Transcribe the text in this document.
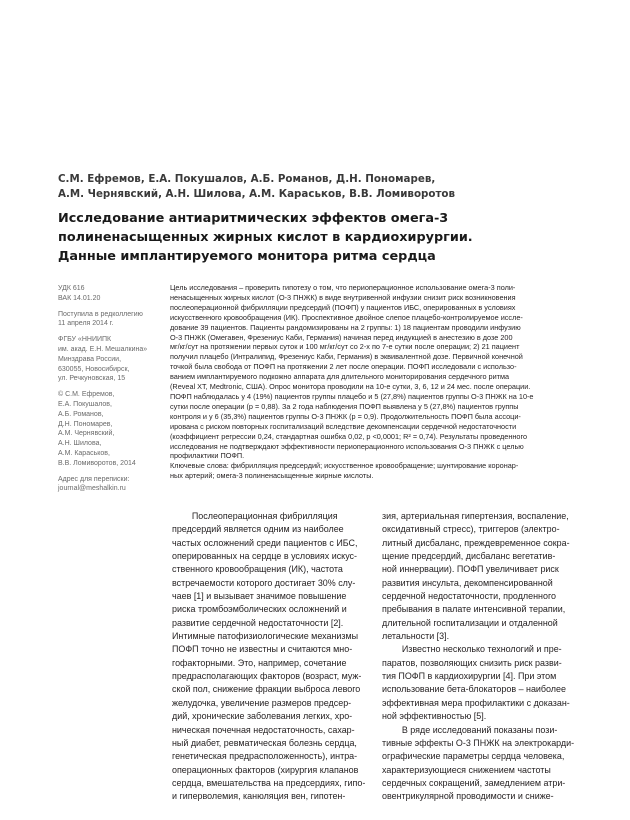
С.М. Ефремов, Е.А. Покушалов, А.Б. Романов, Д.Н. Пономарев,
А.М. Чернявский, А.Н. Шилова, А.М. Караськов, В.В. Ломиворотов
Исследование антиаритмических эффектов омега-3
полиненасыщенных жирных кислот в кардиохирургии.
Данные имплантируемого монитора ритма сердца
УДК 616
ВАК 14.01.20
Поступила в редколлегию
11 апреля 2014 г.
ФГБУ «ННИИПК
им. акад. Е.Н. Мешалкина»
Минздрава России,
630055, Новосибирск,
ул. Речкуновская, 15
© С.М. Ефремов,
Е.А. Покушалов,
А.Б. Романов,
Д.Н. Пономарев,
А.М. Чернявский,
А.Н. Шилова,
А.М. Караськов,
В.В. Ломиворотов, 2014
Адрес для переписки:
journal@meshalkin.ru
Цель исследования – проверить гипотезу о том, что периоперационное использование омега-3 поли-
ненасыщенных жирных кислот (О-3 ПНЖК) в виде внутривенной инфузии снизит риск возникновения
послеоперационной фибрилляции предсердий (ПОФП) у пациентов ИБС, оперированных в условиях
искусственного кровообращения (ИК). Проспективное двойное слепое плацебо-контролируемое иссле-
дование 39 пациентов. Пациенты рандомизированы на 2 группы: 1) 18 пациентам проводили инфузию
О-3 ПНЖК (Омегавен, Фрезениус Каби, Германия) начиная перед индукцией в анестезию в дозе 200
мг/кг/сут на протяжении первых суток и 100 мг/кг/сут со 2-х по 7-е сутки после операции; 2) 21 пациент
получил плацебо (Интралипид, Фрезениус Каби, Германия) в эквивалентной дозе. Первичной конечной
точкой была свобода от ПОФП на протяжении 2 лет после операции. ПОФП исследовали с использо-
ванием имплантируемого подкожно аппарата для длительного мониторирования сердечного ритма
(Reveal XT, Medtronic, США). Опрос монитора проводили на 10-е сутки, 3, 6, 12 и 24 мес. после операции.
ПОФП наблюдалась у 4 (19%) пациентов группы плацебо и 5 (27,8%) пациентов группы О-3 ПНЖК на 10-е
сутки после операции (р = 0,88). За 2 года наблюдения ПОФП выявлена у 5 (27,8%) пациентов группы
контроля и у 6 (35,3%) пациентов группы О-3 ПНЖК (р = 0,9). Продолжительность ПОФП была ассоци-
ирована с риском повторных госпитализаций вследствие декомпенсации сердечной недостаточности
(коэффициент регрессии 0,24, стандартная ошибка 0,02, р <0,0001; R² = 0,74). Результаты проведенного
исследования не подтверждают эффективности периоперационного использования О-3 ПНЖК с целью
профилактики ПОФП.
Ключевые слова: фибрилляция предсердий; искусственное кровообращение; шунтирование коронар-
ных артерий; омега-3 полиненасыщенные жирные кислоты.
Послеоперационная фибрилляция
предсердий является одним из наиболее
частых осложнений среди пациентов с ИБС,
оперированных на сердце в условиях искус-
ственного кровообращения (ИК), частота
встречаемости которого достигает 30% слу-
чаев [1] и вызывает значимое повышение
риска тромбоэмболических осложнений и
развитие сердечной недостаточности [2].
Интимные патофизиологические механизмы
ПОФП точно не известны и считаются мно-
гофакторными. Это, например, сочетание
предрасполагающих факторов (возраст, муж-
ской пол, снижение фракции выброса левого
желудочка, увеличение размеров предсер-
дий, хронические заболевания легких, хро-
ническая почечная недостаточность, сахар-
ный диабет, ревматическая болезнь сердца,
генетическая предрасположенность), интра-
операционных факторов (хирургия клапанов
сердца, вмешательства на предсердиях, гипо-
и гиперволемия, канюляция вен, гипотен-
зия, артериальная гипертензия, воспаление,
оксидативный стресс), триггеров (электро-
литный дисбаланс, преждевременное сокра-
щение предсердий, дисбаланс вегетатив-
ной иннервации). ПОФП увеличивает риск
развития инсульта, декомпенсированной
сердечной недостаточности, продленного
пребывания в палате интенсивной терапии,
длительной госпитализации и отдаленной
летальности [3].
Известно несколько технологий и пре-
паратов, позволяющих снизить риск разви-
тия ПОФП в кардиохирургии [4]. При этом
использование бета-блокаторов – наиболее
эффективная мера профилактики с доказан-
ной эффективностью [5].
В ряде исследований показаны пози-
тивные эффекты О-3 ПНЖК на электрокарди-
ографические параметры сердца человека,
характеризующиеся снижением частоты
сердечных сокращений, замедлением атри-
овентрикулярной проводимости и сниже-
